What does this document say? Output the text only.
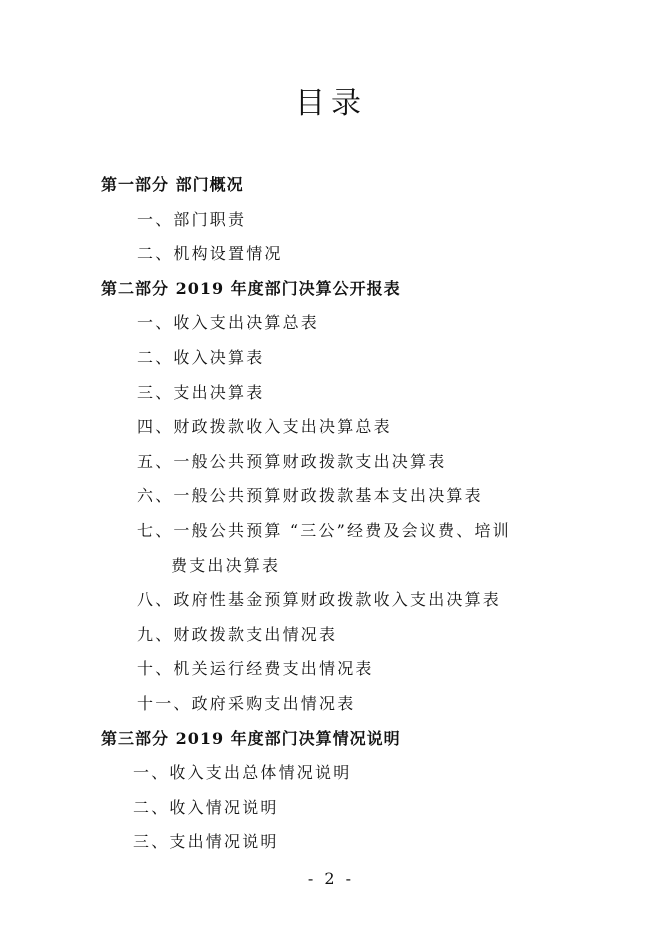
目录
第一部分 部门概况
一、部门职责
二、机构设置情况
第二部分 2019 年度部门决算公开报表
一、收入支出决算总表
二、收入决算表
三、支出决算表
四、财政拨款收入支出决算总表
五、一般公共预算财政拨款支出决算表
六、一般公共预算财政拨款基本支出决算表
七、一般公共预算 “三公”经费及会议费、培训
费支出决算表
八、政府性基金预算财政拨款收入支出决算表
九、财政拨款支出情况表
十、机关运行经费支出情况表
十一、政府采购支出情况表
第三部分 2019 年度部门决算情况说明
一、收入支出总体情况说明
二、收入情况说明
三、支出情况说明
- 2 -
